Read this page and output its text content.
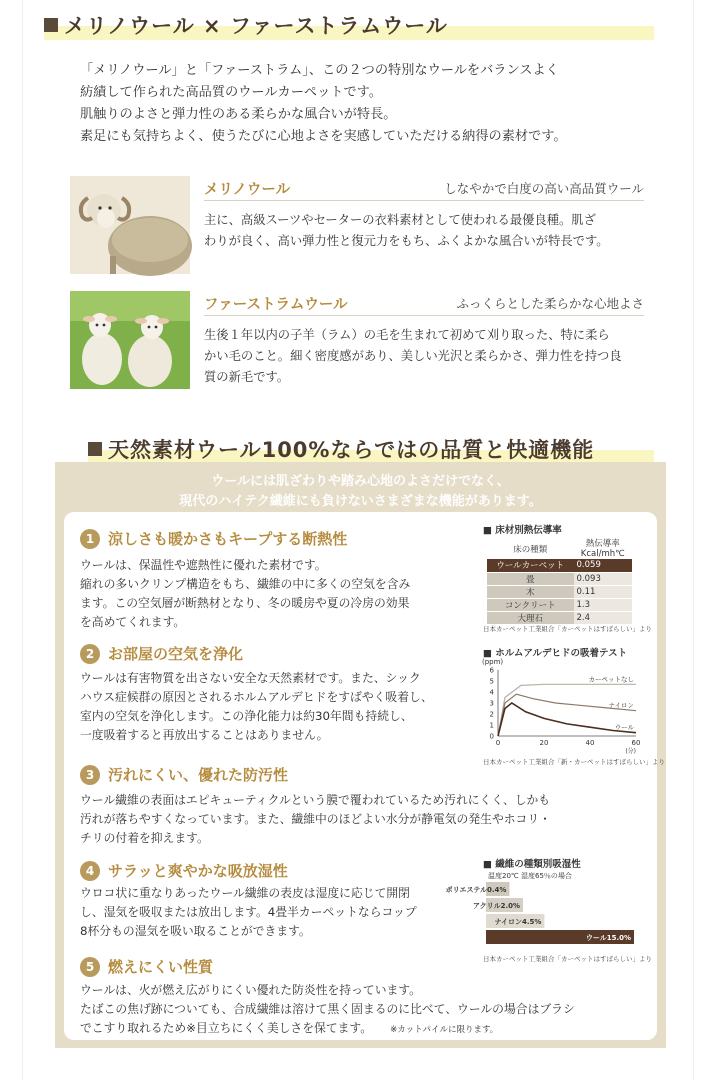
メリノウール × ファーストラムウール

「メリノウール」と「ファーストラム」、この２つの特別なウールをバランスよく

紡績して作られた高品質のウールカーペットです。

肌触りのよさと弾力性のある柔らかな風合いが特長。

素足にも気持ちよく、使うたびに心地よさを実感していただける納得の素材です。

メリノウール	しなやかで白度の高い高品質ウール

主に、高級スーツやセーターの衣料素材として使われる最優良種。肌ざ

わりが良く、高い弾力性と復元力をもち、ふくよかな風合いが特長です。

ファーストラムウール	ふっくらとした柔らかな心地よさ

生後１年以内の子羊（ラム）の毛を生まれて初めて刈り取った、特に柔ら

かい毛のこと。細く密度感があり、美しい光沢と柔らかさ、弾力性を持つ良

質の新毛です。

天然素材ウール100%ならではの品質と快適機能

ウールには肌ざわりや踏み心地のよさだけでなく、

現代のハイテク繊維にも負けないさまざまな機能があります。

1 涼しさも暖かさもキープする断熱性

ウールは、保温性や遮熱性に優れた素材です。

縮れの多いクリンプ構造をもち、繊維の中に多くの空気を含み

ます。この空気層が断熱材となり、冬の暖房や夏の冷房の効果

を高めてくれます。

■ 床材別熱伝導率
床の種類	熱伝導率
Kcal/mh℃
ウールカーペット	0.059
畳	0.093
木	0.11
コンクリート	1.3
大理石	2.4
日本カーペット工業組合「カーペットはすばらしい」より
2 お部屋の空気を浄化

ウールは有害物質を出さない安全な天然素材です。また、シック

ハウス症候群の原因とされるホルムアルデヒドをすばやく吸着し、

室内の空気を浄化します。この浄化能力は約30年間も持続し、

一度吸着すると再放出することはありません。

■ ホルムアルデヒドの吸着テスト
(ppm)
0
1
2
3
4
5
6
0	20	40	60
(分)
カーペットなし
ナイロン
ウール
日本カーペット工業組合「新・カーペットはすばらしい」より
3 汚れにくい、優れた防汚性

ウール繊維の表面はエピキューティクルという膜で覆われているため汚れにくく、しかも

汚れが落ちやすくなっています。また、繊維中のほどよい水分が静電気の発生やホコリ・

チリの付着を抑えます。

4 サラッと爽やかな吸放湿性

ウロコ状に重なりあったウール繊維の表皮は湿度に応じて開閉

し、湿気を吸収または放出します。4畳半カーペットならコップ

8杯分もの湿気を吸い取ることができます。

■ 繊維の種類別吸湿性
温度20℃ 湿度65％の場合
ポリエステル0.4%
アクリル2.0%
ナイロン4.5%
ウール15.0%
日本カーペット工業組合「カーペットはすばらしい」より
5 燃えにくい性質

ウールは、火が燃え広がりにくい優れた防炎性を持っています。

たばこの焦げ跡についても、合成繊維は溶けて黒く固まるのに比べて、ウールの場合はブラシ

でこすり取れるため※目立ちにくく美しさを保てます。 ※カットパイルに限ります。
